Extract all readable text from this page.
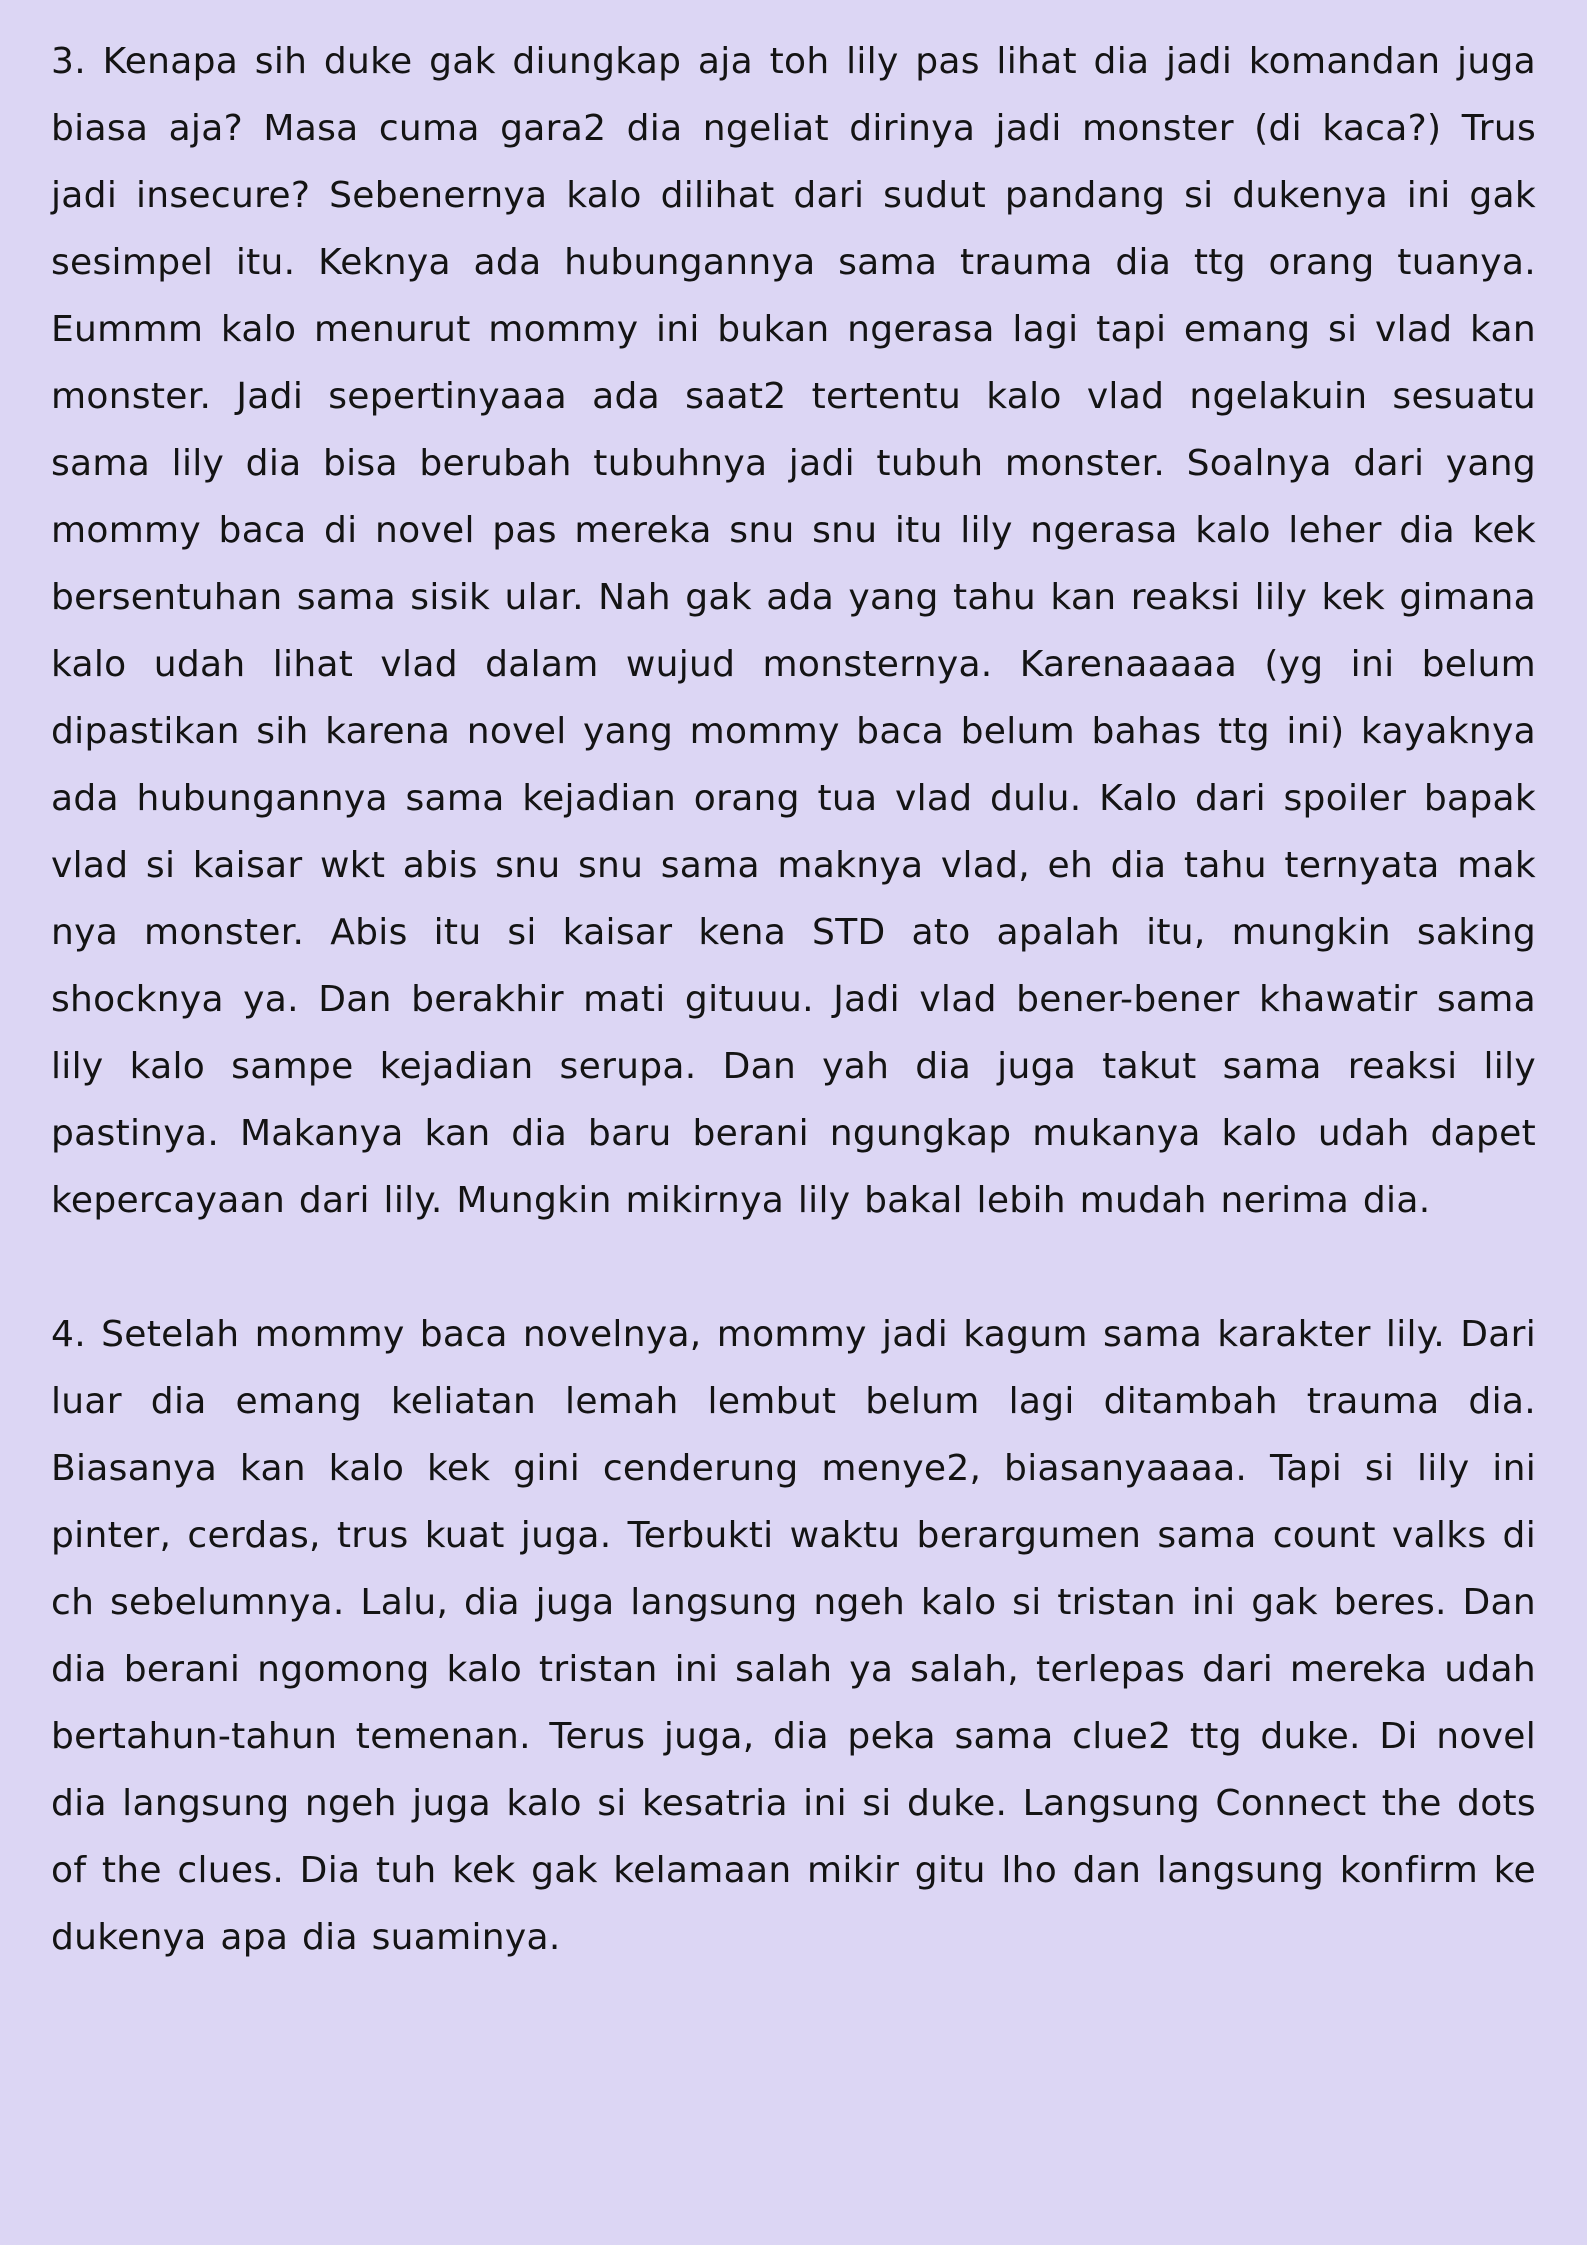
3. Kenapa sih duke gak diungkap aja toh lily pas lihat dia jadi komandan juga biasa aja? Masa cuma gara2 dia ngeliat dirinya jadi monster (di kaca?) Trus jadi insecure? Sebenernya kalo dilihat dari sudut pandang si dukenya ini gak sesimpel itu. Keknya ada hubungannya sama trauma dia ttg orang tuanya. Eummm kalo menurut mommy ini bukan ngerasa lagi tapi emang si vlad kan monster. Jadi sepertinyaaa ada saat2 tertentu kalo vlad ngelakuin sesuatu sama lily dia bisa berubah tubuhnya jadi tubuh monster. Soalnya dari yang mommy baca di novel pas mereka snu snu itu lily ngerasa kalo leher dia kek bersentuhan sama sisik ular. Nah gak ada yang tahu kan reaksi lily kek gimana kalo udah lihat vlad dalam wujud monsternya. Karenaaaaa (yg ini belum dipastikan sih karena novel yang mommy baca belum bahas ttg ini) kayaknya ada hubungannya sama kejadian orang tua vlad dulu. Kalo dari spoiler bapak vlad si kaisar wkt abis snu snu sama maknya vlad, eh dia tahu ternyata mak nya monster. Abis itu si kaisar kena STD ato apalah itu, mungkin saking shocknya ya. Dan berakhir mati gituuu. Jadi vlad bener-bener khawatir sama lily kalo sampe kejadian serupa. Dan yah dia juga takut sama reaksi lily pastinya. Makanya kan dia baru berani ngungkap mukanya kalo udah dapet kepercayaan dari lily. Mungkin mikirnya lily bakal lebih mudah nerima dia.

4. Setelah mommy baca novelnya, mommy jadi kagum sama karakter lily. Dari luar dia emang keliatan lemah lembut belum lagi ditambah trauma dia. Biasanya kan kalo kek gini cenderung menye2, biasanyaaaa. Tapi si lily ini pinter, cerdas, trus kuat juga. Terbukti waktu berargumen sama count valks di ch sebelumnya. Lalu, dia juga langsung ngeh kalo si tristan ini gak beres. Dan dia berani ngomong kalo tristan ini salah ya salah, terlepas dari mereka udah bertahun-tahun temenan. Terus juga, dia peka sama clue2 ttg duke. Di novel dia langsung ngeh juga kalo si kesatria ini si duke. Langsung Connect the dots of the clues. Dia tuh kek gak kelamaan mikir gitu lho dan langsung konfirm ke dukenya apa dia suaminya.
